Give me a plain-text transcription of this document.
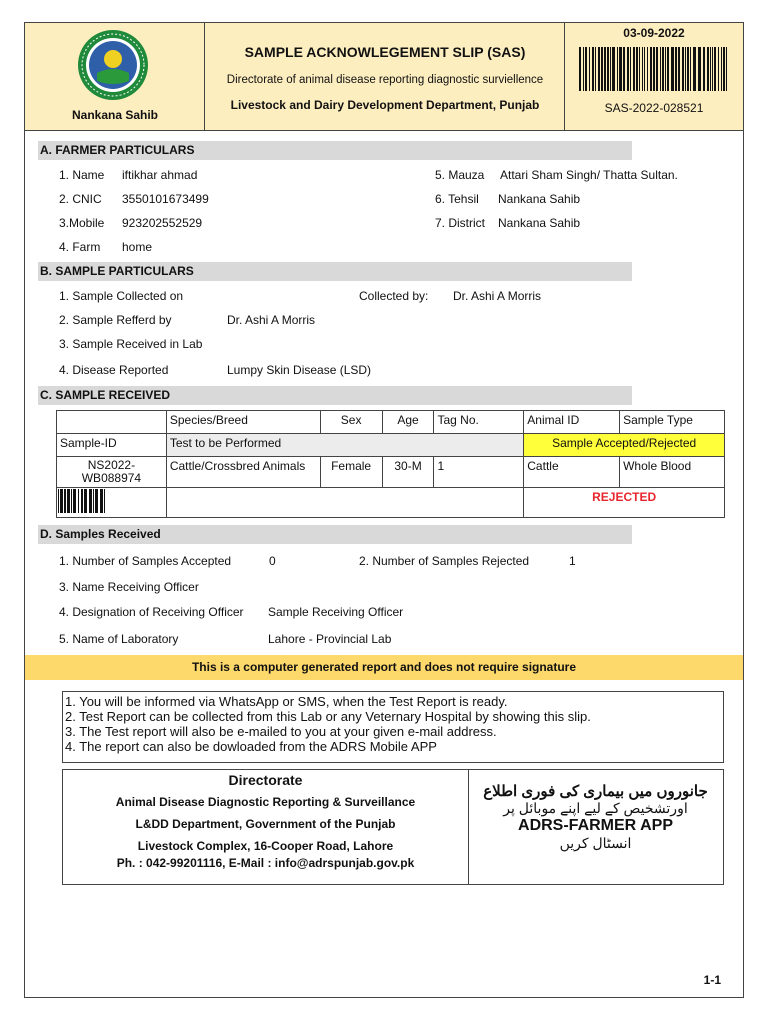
Nankana Sahib
SAMPLE ACKNOWLEGEMENT SLIP (SAS)
Directorate of animal disease reporting diagnostic surviellence
Livestock and Dairy Development Department, Punjab
03-09-2022
SAS-2022-028521
A. FARMER PARTICULARS
1. Name iftikhar ahmad
2. CNIC 3550101673499
3.Mobile 923202552529
4. Farm home
5. Mauza Attari Sham Singh/ Thatta Sultan.
6. Tehsil Nankana Sahib
7. District Nankana Sahib
B. SAMPLE PARTICULARS
1. Sample Collected on	Collected by: Dr. Ashi A Morris
2. Sample Refferd by	Dr. Ashi A Morris
3. Sample Received in Lab
4. Disease Reported	Lumpy Skin Disease (LSD)
C. SAMPLE RECEIVED
	Species/Breed	Sex	Age	Tag No.	Animal ID	Sample Type
Sample-ID	Test to be Performed				Sample Accepted/Rejected	
NS2022-WB088974	Cattle/Crossbred Animals	Female	30-M	1	Cattle	Whole Blood
		REJECTED	
D. Samples Received
1. Number of Samples Accepted	0	2. Number of Samples Rejected	1
3. Name Receiving Officer
4. Designation of Receiving Officer Sample Receiving Officer
5. Name of Laboratory	Lahore - Provincial Lab
This is a computer generated report and does not require signature
1. You will be informed via WhatsApp or SMS, when the Test Report is ready.
2. Test Report can be collected from this Lab or any Veternary Hospital by showing this slip.
3. The Test report will also be e-mailed to you at your given e-mail address.
4. The report can also be dowloaded from the ADRS Mobile APP
Directorate
Animal Disease Diagnostic Reporting & Surveillance
L&DD Department, Government of the Punjab
Livestock Complex, 16-Cooper Road, Lahore
Ph. : 042-99201116, E-Mail : info@adrspunjab.gov.pk
جانوروں میں بیماری کی فوری اطلاع
اورتشخیص کے لیے اپنے موبائل پر
ADRS-FARMER APP
انسٹال کریں
1-1
